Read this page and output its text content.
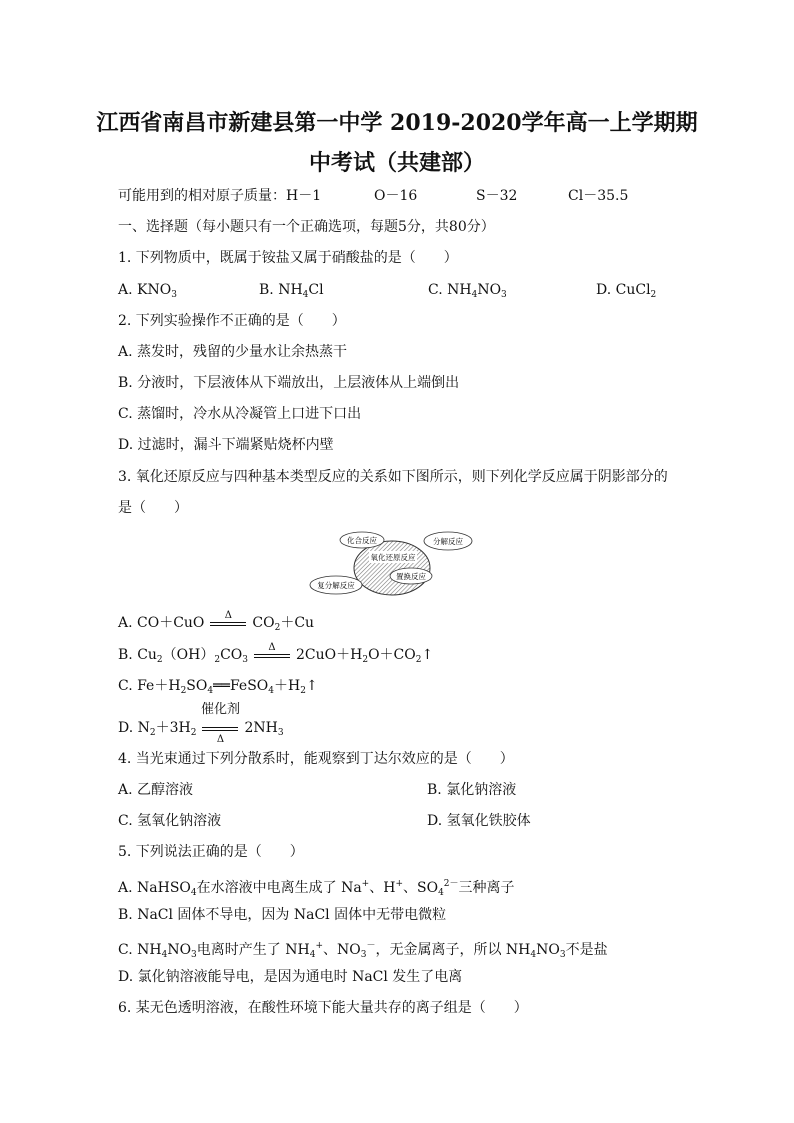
江西省南昌市新建县第一中学 2019-2020学年高一上学期期
中考试（共建部）
可能用到的相对原子质量： H－1	O－16	S－32	Cl－35.5
一、选择题（每小题只有一个正确选项，每题5分，共80分）
1. 下列物质中，既属于铵盐又属于硝酸盐的是（　　）
A. $KNO_3$	B. $NH_4Cl$	C. $NH_4NO_3$	D. CuCl$_2$
2. 下列实验操作不正确的是（　　）
A. 蒸发时，残留的少量水让余热蒸干
B. 分液时，下层液体从下端放出，上层液体从上端倒出
C. 蒸馏时，冷水从冷凝管上口进下口出
D. 过滤时，漏斗下端紧贴烧杯内壁
3. 氧化还原反应与四种基本类型反应的关系如下图所示，则下列化学反应属于阴影部分的
是（　　）
化合反应	分解反应
氧化还原反应
置换反应
复分解反应
A. CO＋CuO	Δ	$CO_2+Cu$
B. $Cu_2(OH)_2CO_3$
Δ	$2CuO+H_2O+CO_2↑$
C. $Fe+H_2SO_4══FeSO_4+H_2↑$
D. $N_2+3H_2$
催化剂
Δ
$2NH_3$
4. 当光束通过下列分散系时，能观察到丁达尔效应的是（　　）
A. 乙醇溶液	B. 氯化钠溶液
C. 氢氧化钠溶液	D. 氢氧化铁胶体
5. 下列说法正确的是（　　）
A. NaHSO$_4$在水溶液中电离生成了 Na+、H+、$SO_4^{2-}$三种离子
B. NaCl 固体不导电，因为 NaCl 固体中无带电微粒
C. $NH_4NO_3$电离时产生了 $NH_4^+$、$NO_3^-$，无金属离子，所以 $NH_4NO_3$不是盐
D. 氯化钠溶液能导电，是因为通电时 NaCl 发生了电离
6. 某无色透明溶液，在酸性环境下能大量共存的离子组是（　　）
